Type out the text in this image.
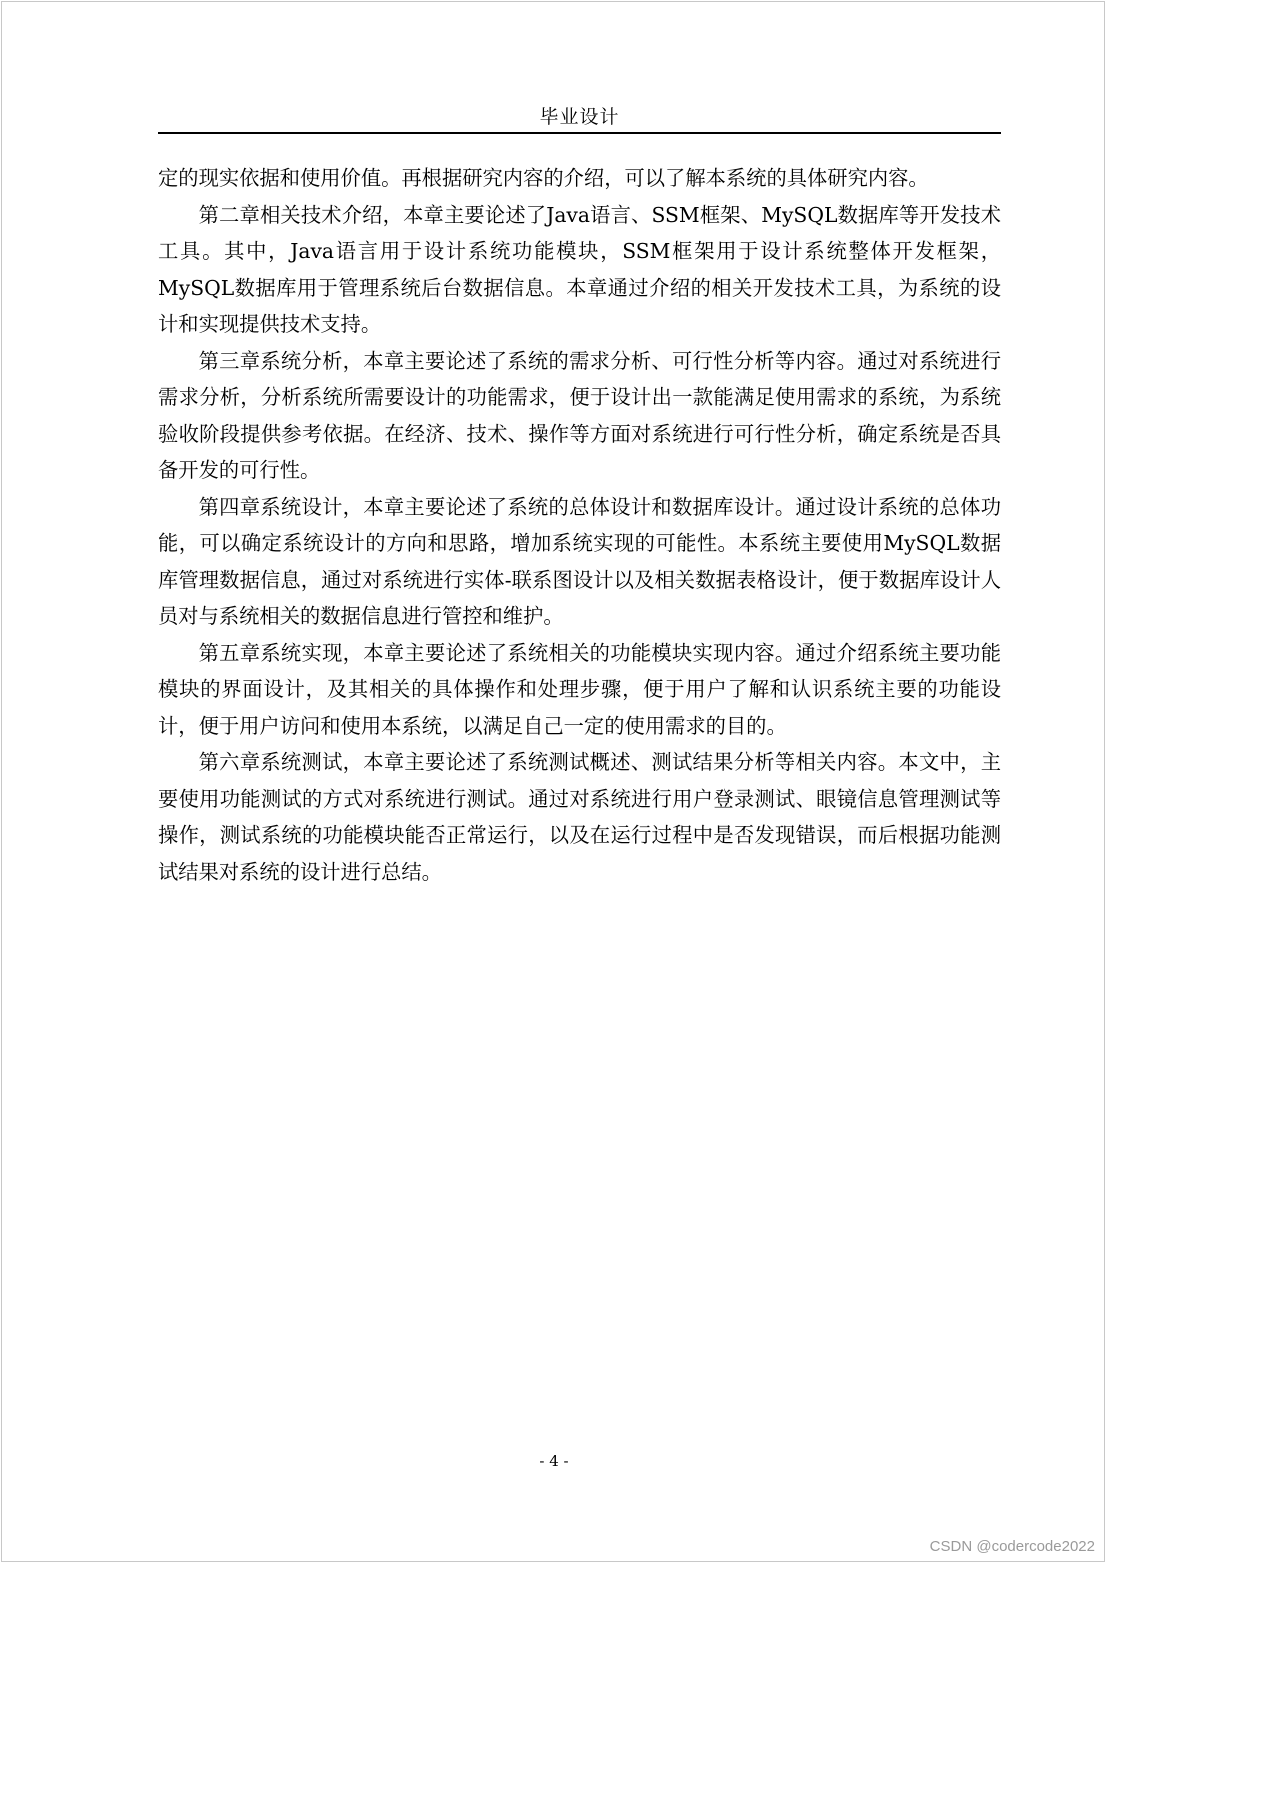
毕业设计

定的现实依据和使用价值。再根据研究内容的介绍，可以了解本系统的具体研究内容。

第二章相关技术介绍，本章主要论述了Java语言、SSM框架、MySQL数据库等开发技术工具。其中，Java语言用于设计系统功能模块，SSM框架用于设计系统整体开发框架，MySQL数据库用于管理系统后台数据信息。本章通过介绍的相关开发技术工具，为系统的设计和实现提供技术支持。

第三章系统分析，本章主要论述了系统的需求分析、可行性分析等内容。通过对系统进行需求分析，分析系统所需要设计的功能需求，便于设计出一款能满足使用需求的系统，为系统验收阶段提供参考依据。在经济、技术、操作等方面对系统进行可行性分析，确定系统是否具备开发的可行性。

第四章系统设计，本章主要论述了系统的总体设计和数据库设计。通过设计系统的总体功能，可以确定系统设计的方向和思路，增加系统实现的可能性。本系统主要使用MySQL数据库管理数据信息，通过对系统进行实体-联系图设计以及相关数据表格设计，便于数据库设计人员对与系统相关的数据信息进行管控和维护。

第五章系统实现，本章主要论述了系统相关的功能模块实现内容。通过介绍系统主要功能模块的界面设计，及其相关的具体操作和处理步骤，便于用户了解和认识系统主要的功能设计，便于用户访问和使用本系统，以满足自己一定的使用需求的目的。

第六章系统测试，本章主要论述了系统测试概述、测试结果分析等相关内容。本文中，主要使用功能测试的方式对系统进行测试。通过对系统进行用户登录测试、眼镜信息管理测试等操作，测试系统的功能模块能否正常运行，以及在运行过程中是否发现错误，而后根据功能测试结果对系统的设计进行总结。

- 4 -
CSDN @codercode2022
